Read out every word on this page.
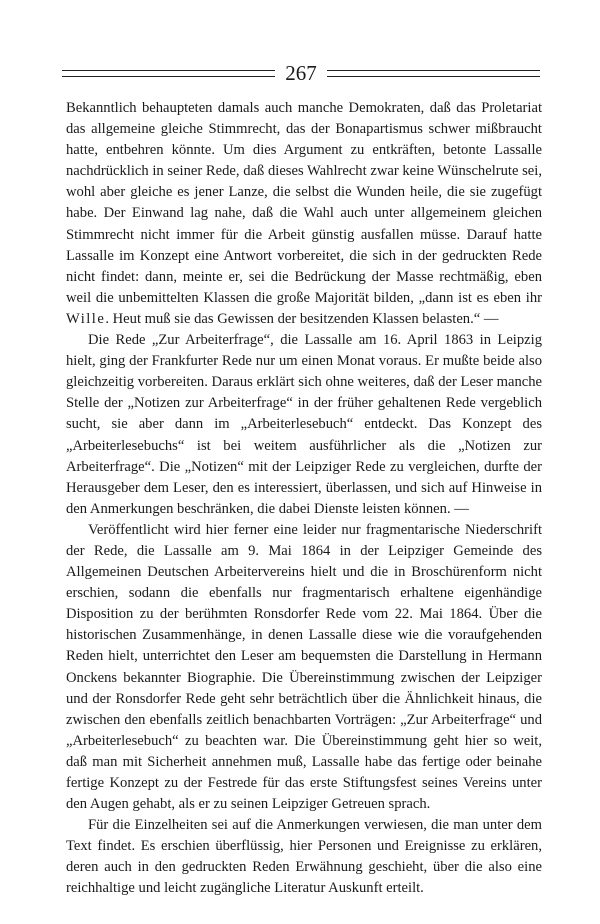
267

Bekanntlich behaupteten damals auch manche Demokraten, daß das Proletariat das allgemeine gleiche Stimmrecht, das der Bonapartismus schwer mißbraucht hatte, entbehren könnte. Um dies Argument zu entkräften, betonte Lassalle nachdrücklich in seiner Rede, daß dieses Wahlrecht zwar keine Wünschelrute sei, wohl aber gleiche es jener Lanze, die selbst die Wunden heile, die sie zugefügt habe. Der Einwand lag nahe, daß die Wahl auch unter allgemeinem gleichen Stimmrecht nicht immer für die Arbeit günstig ausfallen müsse. Darauf hatte Lassalle im Konzept eine Antwort vorbereitet, die sich in der gedruckten Rede nicht findet: dann, meinte er, sei die Bedrückung der Masse rechtmäßig, eben weil die unbemittelten Klassen die große Majorität bilden, „dann ist es eben ihr Wille. Heut muß sie das Gewissen der besitzenden Klassen belasten.“ —

Die Rede „Zur Arbeiterfrage“, die Lassalle am 16. April 1863 in Leipzig hielt, ging der Frankfurter Rede nur um einen Monat voraus. Er mußte beide also gleichzeitig vorbereiten. Daraus erklärt sich ohne weiteres, daß der Leser manche Stelle der „Notizen zur Arbeiterfrage“ in der früher gehaltenen Rede vergeblich sucht, sie aber dann im „Arbeiterlesebuch“ entdeckt. Das Konzept des „Arbeiterlesebuchs“ ist bei weitem ausführlicher als die „Notizen zur Arbeiterfrage“. Die „Notizen“ mit der Leipziger Rede zu vergleichen, durfte der Herausgeber dem Leser, den es interessiert, überlassen, und sich auf Hinweise in den Anmerkungen beschränken, die dabei Dienste leisten können. —

Veröffentlicht wird hier ferner eine leider nur fragmentarische Niederschrift der Rede, die Lassalle am 9. Mai 1864 in der Leipziger Gemeinde des Allgemeinen Deutschen Arbeitervereins hielt und die in Broschürenform nicht erschien, sodann die ebenfalls nur fragmentarisch erhaltene eigenhändige Disposition zu der berühmten Ronsdorfer Rede vom 22. Mai 1864. Über die historischen Zusammenhänge, in denen Lassalle diese wie die voraufgehenden Reden hielt, unterrichtet den Leser am bequemsten die Darstellung in Hermann Onckens bekannter Biographie. Die Übereinstimmung zwischen der Leipziger und der Ronsdorfer Rede geht sehr beträchtlich über die Ähnlichkeit hinaus, die zwischen den ebenfalls zeitlich benachbarten Vorträgen: „Zur Arbeiterfrage“ und „Arbeiterlesebuch“ zu beachten war. Die Übereinstimmung geht hier so weit, daß man mit Sicherheit annehmen muß, Lassalle habe das fertige oder beinahe fertige Konzept zu der Festrede für das erste Stiftungsfest seines Vereins unter den Augen gehabt, als er zu seinen Leipziger Getreuen sprach.

Für die Einzelheiten sei auf die Anmerkungen verwiesen, die man unter dem Text findet. Es erschien überflüssig, hier Personen und Ereignisse zu erklären, deren auch in den gedruckten Reden Erwähnung geschieht, über die also eine reichhaltige und leicht zugängliche Literatur Auskunft erteilt.
